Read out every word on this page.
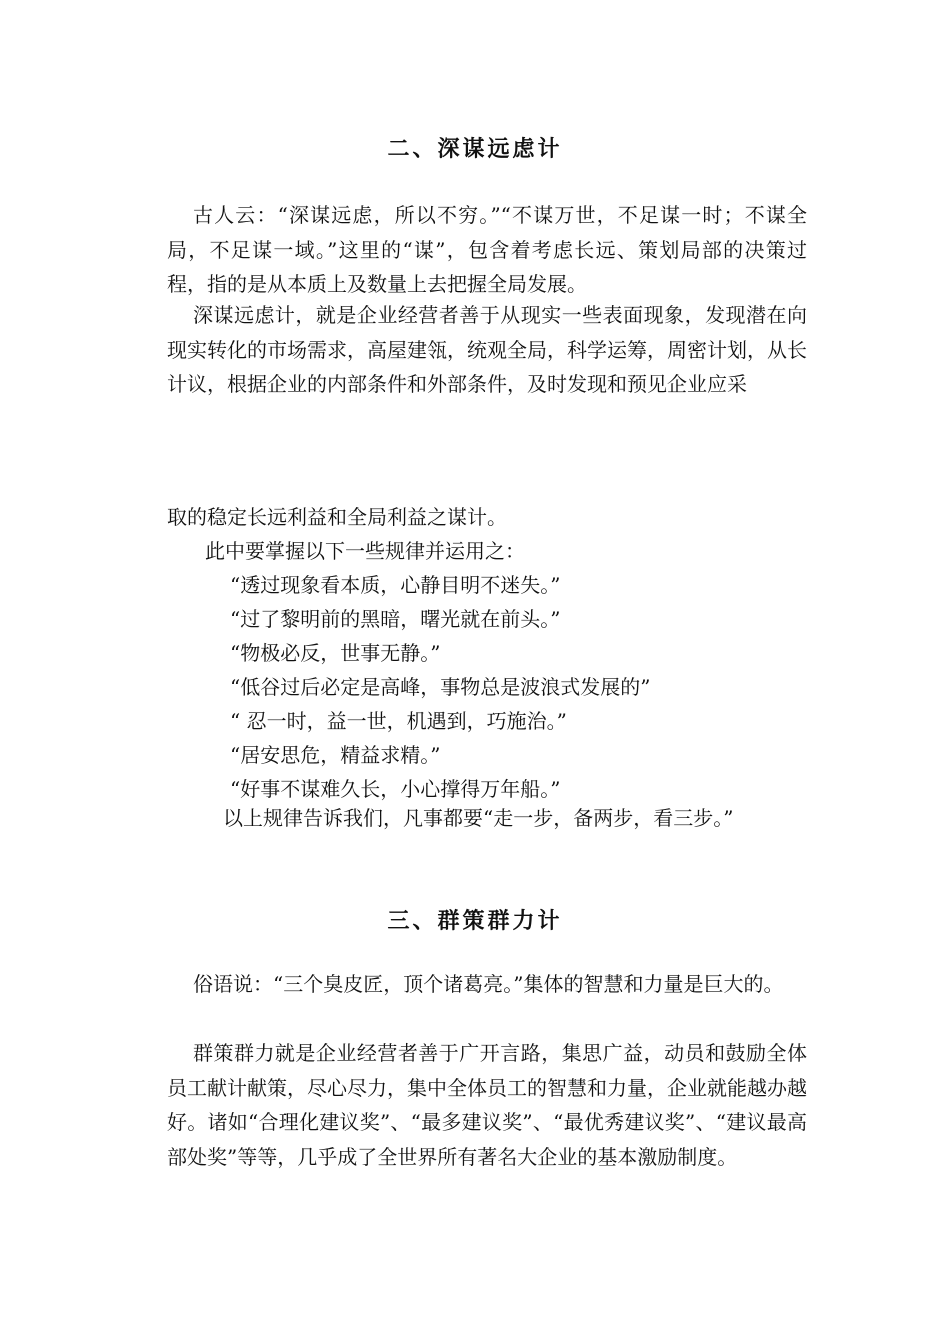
二、深谋远虑计

古人云：“深谋远虑，所以不穷。”“不谋万世，不足谋一时；不谋全局，不足谋一域。”这里的“谋”，包含着考虑长远、策划局部的决策过程，指的是从本质上及数量上去把握全局发展。

深谋远虑计，就是企业经营者善于从现实一些表面现象，发现潜在向现实转化的市场需求，高屋建瓴，统观全局，科学运筹，周密计划，从长计议，根据企业的内部条件和外部条件，及时发现和预见企业应采

取的稳定长远利益和全局利益之谋计。

此中要掌握以下一些规律并运用之：

“透过现象看本质，心静目明不迷失。”

“过了黎明前的黑暗，曙光就在前头。”

“物极必反，世事无静。”

“低谷过后必定是高峰，事物总是波浪式发展的”

“ 忍一时，益一世，机遇到，巧施治。”

“居安思危，精益求精。”

“好事不谋难久长，小心撑得万年船。”

以上规律告诉我们，凡事都要“走一步，备两步，看三步。”

三、群策群力计

俗语说：“三个臭皮匠，顶个诸葛亮。”集体的智慧和力量是巨大的。

群策群力就是企业经营者善于广开言路，集思广益，动员和鼓励全体员工献计献策，尽心尽力，集中全体员工的智慧和力量，企业就能越办越好。诸如“合理化建议奖”、“最多建议奖”、“最优秀建议奖”、“建议最高部处奖”等等，几乎成了全世界所有著名大企业的基本激励制度。
